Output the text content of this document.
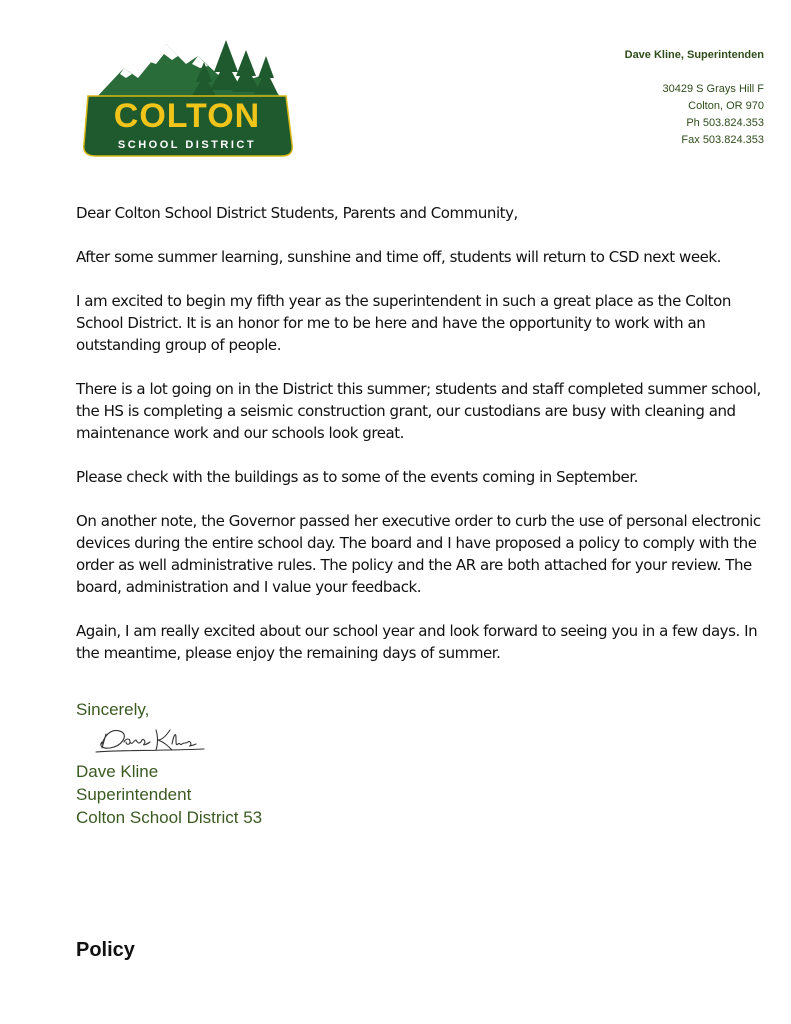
COLTON
SCHOOL DISTRICT
Dave Kline, Superintenden
30429 S Grays Hill F
Colton, OR 970
Ph 503.824.353
Fax 503.824.353

Dear Colton School District Students, Parents and Community,

After some summer learning, sunshine and time off, students will return to CSD next week.

I am excited to begin my fifth year as the superintendent in such a great place as the Colton School District. It is an honor for me to be here and have the opportunity to work with an outstanding group of people.

There is a lot going on in the District this summer; students and staff completed summer school, the HS is completing a seismic construction grant, our custodians are busy with cleaning and maintenance work and our schools look great.

Please check with the buildings as to some of the events coming in September.

On another note, the Governor passed her executive order to curb the use of personal electronic devices during the entire school day. The board and I have proposed a policy to comply with the order as well administrative rules. The policy and the AR are both attached for your review. The board, administration and I value your feedback.

Again, I am really excited about our school year and look forward to seeing you in a few days. In the meantime, please enjoy the remaining days of summer.

Sincerely,
Dave Kline
Superintendent
Colton School District 53
Policy
